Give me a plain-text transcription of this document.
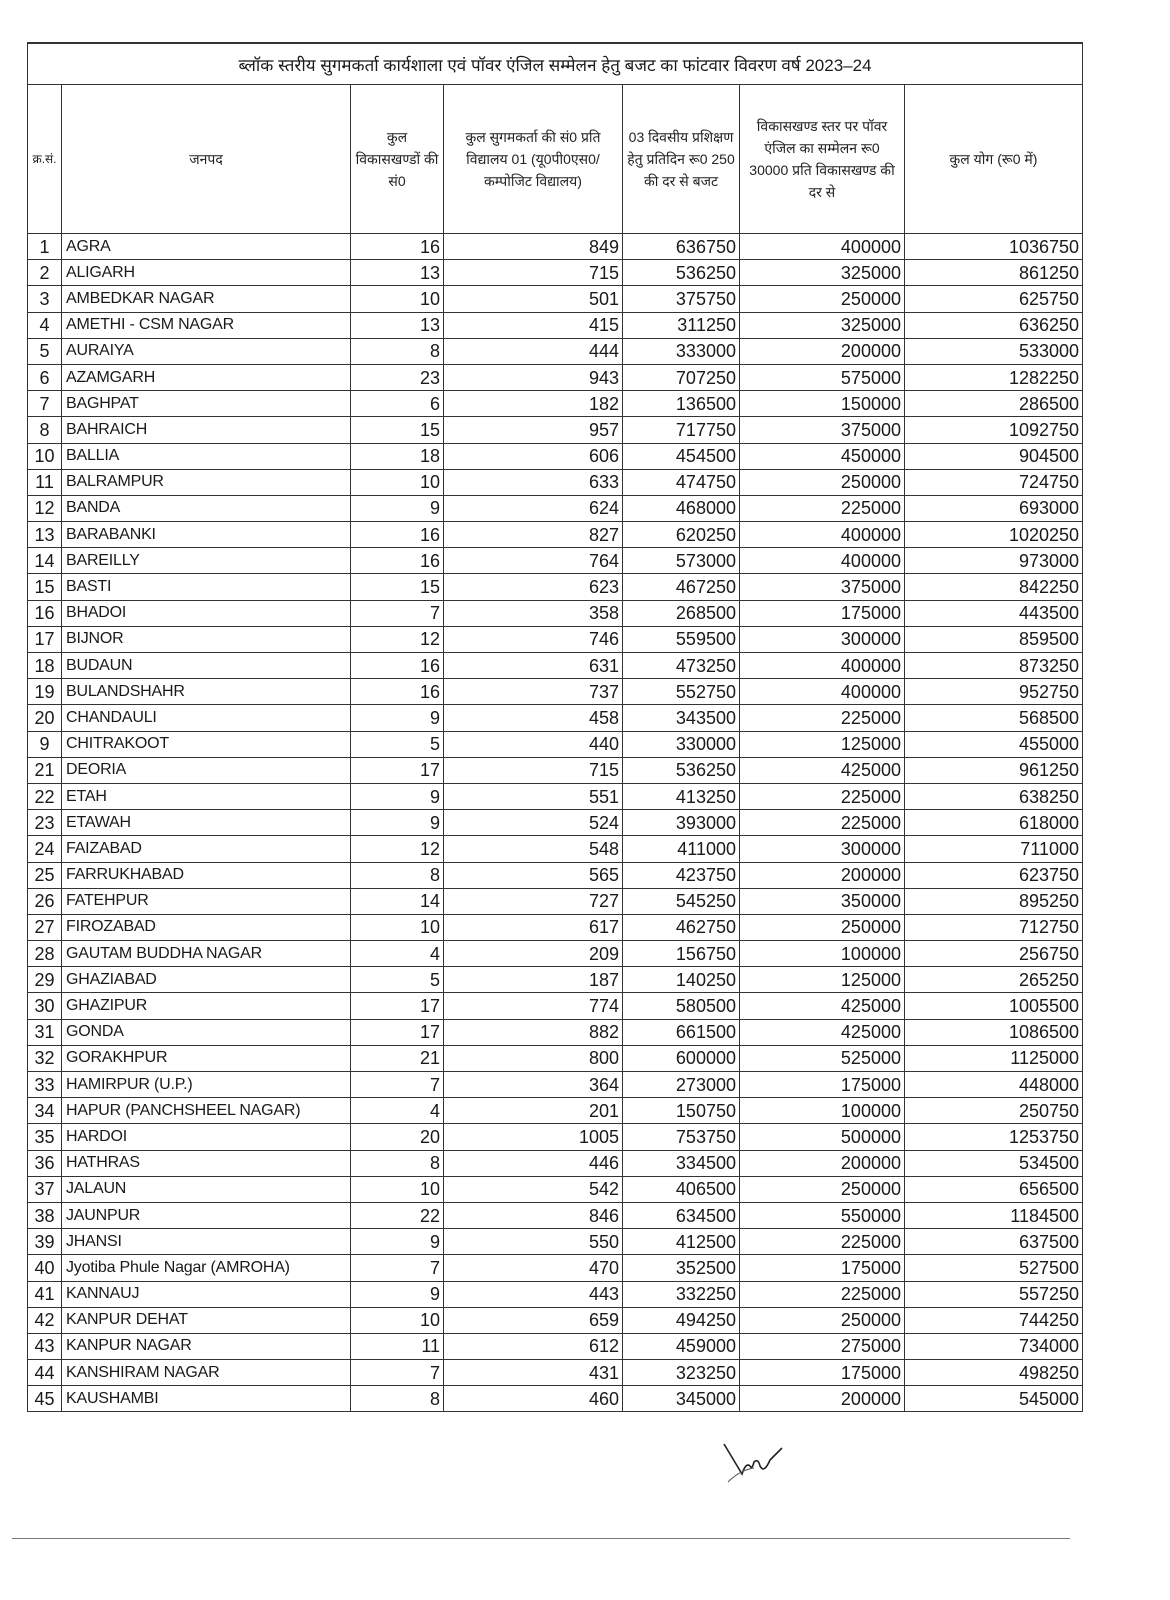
ब्लॉक स्तरीय सुगमकर्ता कार्यशाला एवं पॉवर एंजिल सम्मेलन हेतु बजट का फांटवार विवरण वर्ष 2023–24						
क्र.सं.	जनपद	कुल विकासखण्डों की सं0	कुल सुगमकर्ता की सं0 प्रति विद्यालय 01 (यू0पी0एस0/ कम्पोजिट विद्यालय)	03 दिवसीय प्रशिक्षण हेतु प्रतिदिन रू0 250 की दर से बजट	विकासखण्ड स्तर पर पॉवर एंजिल का सम्मेलन रू0 30000 प्रति विकासखण्ड की दर से	कुल योग (रू0 में)
1	AGRA	16	849	636750	400000	1036750
2	ALIGARH	13	715	536250	325000	861250
3	AMBEDKAR NAGAR	10	501	375750	250000	625750
4	AMETHI - CSM NAGAR	13	415	311250	325000	636250
5	AURAIYA	8	444	333000	200000	533000
6	AZAMGARH	23	943	707250	575000	1282250
7	BAGHPAT	6	182	136500	150000	286500
8	BAHRAICH	15	957	717750	375000	1092750
10	BALLIA	18	606	454500	450000	904500
11	BALRAMPUR	10	633	474750	250000	724750
12	BANDA	9	624	468000	225000	693000
13	BARABANKI	16	827	620250	400000	1020250
14	BAREILLY	16	764	573000	400000	973000
15	BASTI	15	623	467250	375000	842250
16	BHADOI	7	358	268500	175000	443500
17	BIJNOR	12	746	559500	300000	859500
18	BUDAUN	16	631	473250	400000	873250
19	BULANDSHAHR	16	737	552750	400000	952750
20	CHANDAULI	9	458	343500	225000	568500
9	CHITRAKOOT	5	440	330000	125000	455000
21	DEORIA	17	715	536250	425000	961250
22	ETAH	9	551	413250	225000	638250
23	ETAWAH	9	524	393000	225000	618000
24	FAIZABAD	12	548	411000	300000	711000
25	FARRUKHABAD	8	565	423750	200000	623750
26	FATEHPUR	14	727	545250	350000	895250
27	FIROZABAD	10	617	462750	250000	712750
28	GAUTAM BUDDHA NAGAR	4	209	156750	100000	256750
29	GHAZIABAD	5	187	140250	125000	265250
30	GHAZIPUR	17	774	580500	425000	1005500
31	GONDA	17	882	661500	425000	1086500
32	GORAKHPUR	21	800	600000	525000	1125000
33	HAMIRPUR (U.P.)	7	364	273000	175000	448000
34	HAPUR (PANCHSHEEL NAGAR)	4	201	150750	100000	250750
35	HARDOI	20	1005	753750	500000	1253750
36	HATHRAS	8	446	334500	200000	534500
37	JALAUN	10	542	406500	250000	656500
38	JAUNPUR	22	846	634500	550000	1184500
39	JHANSI	9	550	412500	225000	637500
40	Jyotiba Phule Nagar (AMROHA)	7	470	352500	175000	527500
41	KANNAUJ	9	443	332250	225000	557250
42	KANPUR DEHAT	10	659	494250	250000	744250
43	KANPUR NAGAR	11	612	459000	275000	734000
44	KANSHIRAM NAGAR	7	431	323250	175000	498250
45	KAUSHAMBI	8	460	345000	200000	545000
